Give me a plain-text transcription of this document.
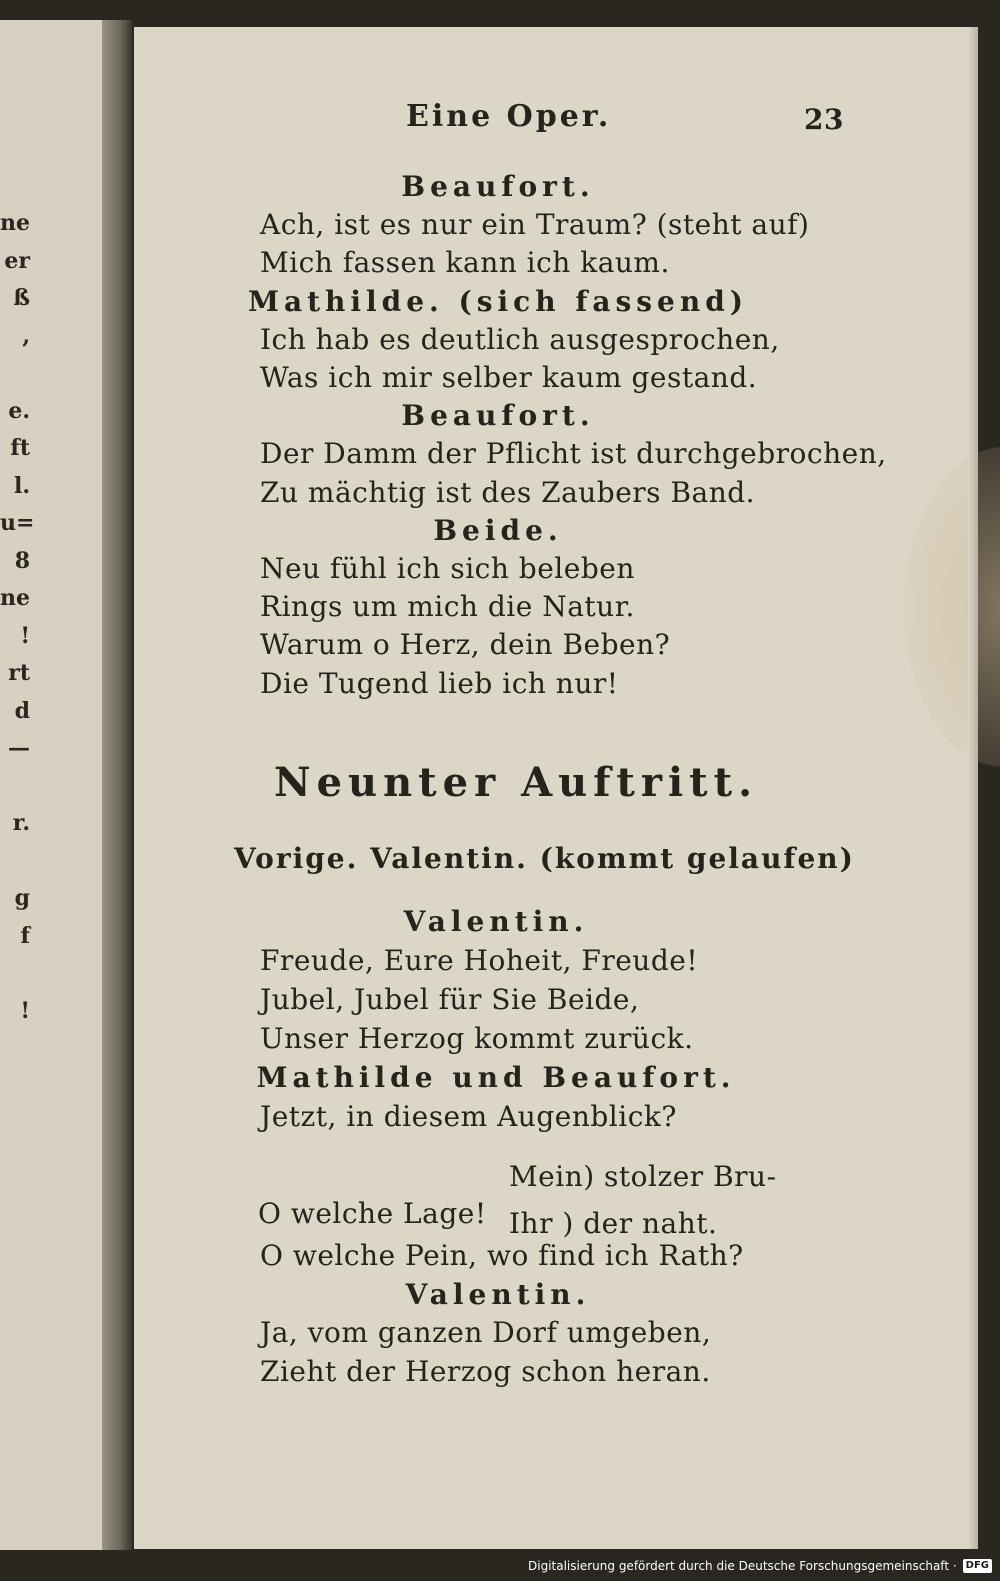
ne
er
ß
,
e.
ft
l.
u=
8
ne
!
rt
d
—
r.
g
f
!
Eine Oper.	23
Beaufort.
Ach, ist es nur ein Traum? (steht auf)
Mich fassen kann ich kaum.
Mathilde. (sich fassend)
Ich hab es deutlich ausgesprochen,
Was ich mir selber kaum gestand.
Beaufort.
Der Damm der Pflicht ist durchgebrochen,
Zu mächtig ist des Zaubers Band.
Beide.
Neu fühl ich sich beleben
Rings um mich die Natur.
Warum o Herz, dein Beben?
Die Tugend lieb ich nur!
Neunter Auftritt.
Vorige. Valentin. (kommt gelaufen)
Valentin.
Freude, Eure Hoheit, Freude!
Jubel, Jubel für Sie Beide,
Unser Herzog kommt zurück.
Mathilde und Beaufort.
Jetzt, in diesem Augenblick?
O welche Lage!
Mein) stolzer Bru-
Ihr ) der naht.
O welche Pein, wo find ich Rath?
Valentin.
Ja, vom ganzen Dorf umgeben,
Zieht der Herzog schon heran.
Digitalisierung gefördert durch die Deutsche Forschungsgemeinschaft · DFG
